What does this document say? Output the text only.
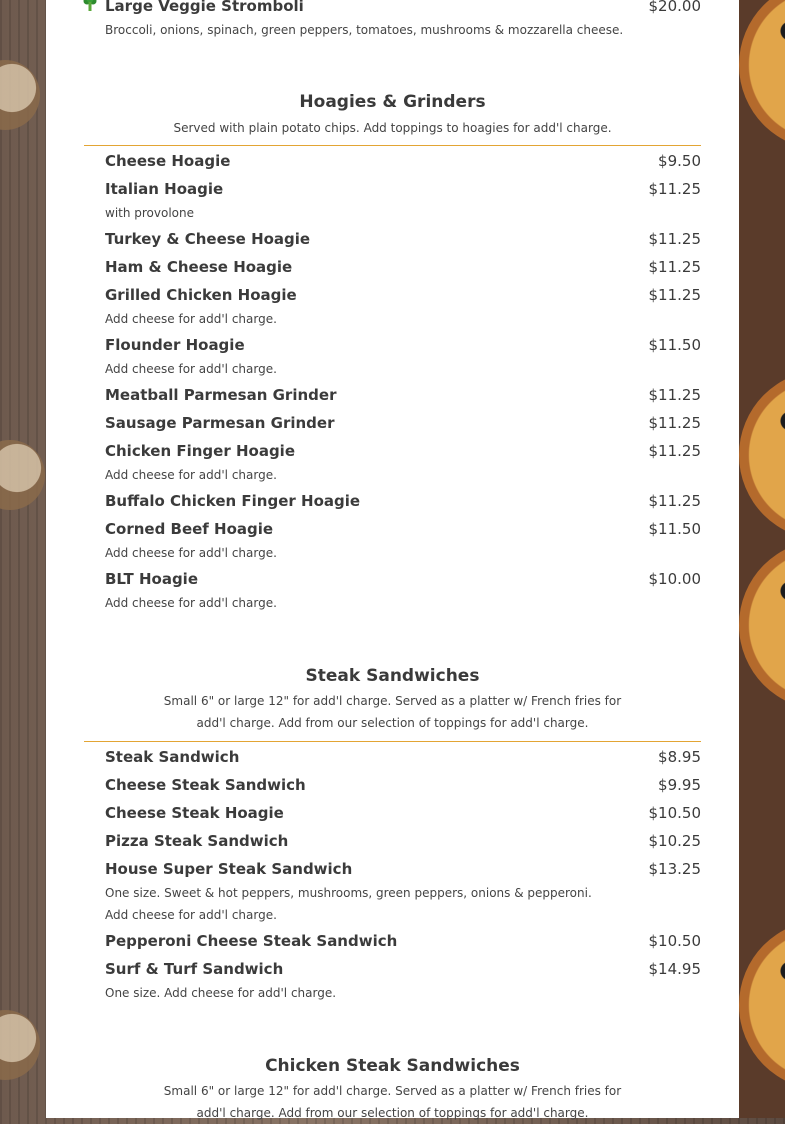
Large Veggie Stromboli	$20.00
Broccoli, onions, spinach, green peppers, tomatoes, mushrooms & mozzarella cheese.
Hoagies & Grinders
Served with plain potato chips. Add toppings to hoagies for add'l charge.
Steak Sandwiches
Small 6" or large 12" for add'l charge. Served as a platter w/ French fries for add'l charge. Add from our selection of toppings for add'l charge.
Chicken Steak Sandwiches
Small 6" or large 12" for add'l charge. Served as a platter w/ French fries for add'l charge. Add from our selection of toppings for add'l charge.
Cheese Hoagie	$9.50
Italian Hoagie	$11.25
with provolone
Turkey & Cheese Hoagie	$11.25
Ham & Cheese Hoagie	$11.25
Grilled Chicken Hoagie	$11.25
Add cheese for add'l charge.
Flounder Hoagie	$11.50
Add cheese for add'l charge.
Meatball Parmesan Grinder	$11.25
Sausage Parmesan Grinder	$11.25
Chicken Finger Hoagie	$11.25
Add cheese for add'l charge.
Buffalo Chicken Finger Hoagie	$11.25
Corned Beef Hoagie	$11.50
Add cheese for add'l charge.
BLT Hoagie	$10.00
Add cheese for add'l charge.
Steak Sandwich	$8.95
Cheese Steak Sandwich	$9.95
Cheese Steak Hoagie	$10.50
Pizza Steak Sandwich	$10.25
House Super Steak Sandwich	$13.25
One size. Sweet & hot peppers, mushrooms, green peppers, onions & pepperoni. Add cheese for add'l charge.
Pepperoni Cheese Steak Sandwich	$10.50
Surf & Turf Sandwich	$14.95
One size. Add cheese for add'l charge.
